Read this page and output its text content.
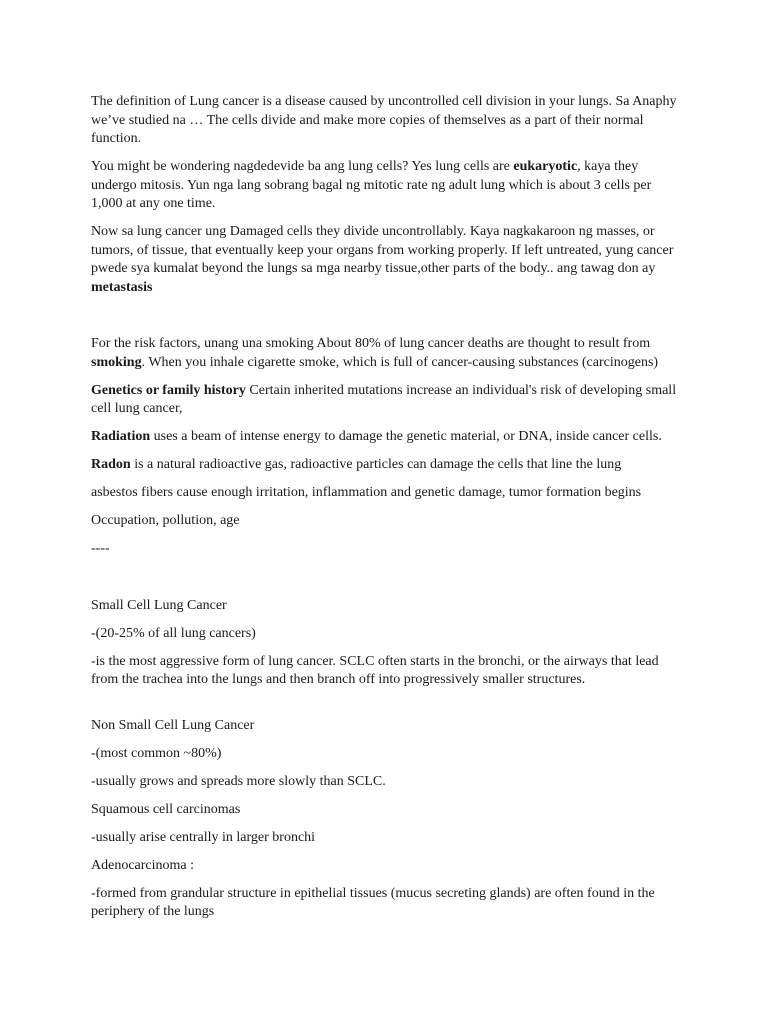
The definition of Lung cancer is a disease caused by uncontrolled cell division in your lungs. Sa Anaphy we’ve studied na … The cells divide and make more copies of themselves as a part of their normal function.

You might be wondering nagdedevide ba ang lung cells? Yes lung cells are eukaryotic, kaya they undergo mitosis. Yun nga lang sobrang bagal ng mitotic rate ng adult lung which is about 3 cells per 1,000 at any one time.

Now sa lung cancer ung Damaged cells they divide uncontrollably. Kaya nagkakaroon ng masses, or tumors, of tissue, that eventually keep your organs from working properly. If left untreated, yung cancer pwede sya kumalat beyond the lungs sa mga nearby tissue,other parts of the body.. ang tawag don ay metastasis

For the risk factors, unang una smoking About 80% of lung cancer deaths are thought to result from smoking. When you inhale cigarette smoke, which is full of cancer-causing substances (carcinogens)

Genetics or family history Certain inherited mutations increase an individual's risk of developing small cell lung cancer,

Radiation uses a beam of intense energy to damage the genetic material, or DNA, inside cancer cells.

Radon is a natural radioactive gas, radioactive particles can damage the cells that line the lung

asbestos fibers cause enough irritation, inflammation and genetic damage, tumor formation begins

Occupation, pollution, age

----

Small Cell Lung Cancer

-(20-25% of all lung cancers)

-is the most aggressive form of lung cancer. SCLC often starts in the bronchi, or the airways that lead from the trachea into the lungs and then branch off into progressively smaller structures.

Non Small Cell Lung Cancer

-(most common ~80%)

-usually grows and spreads more slowly than SCLC.

Squamous cell carcinomas

-usually arise centrally in larger bronchi

Adenocarcinoma :

-formed from grandular structure in epithelial tissues (mucus secreting glands) are often found in the periphery of the lungs
